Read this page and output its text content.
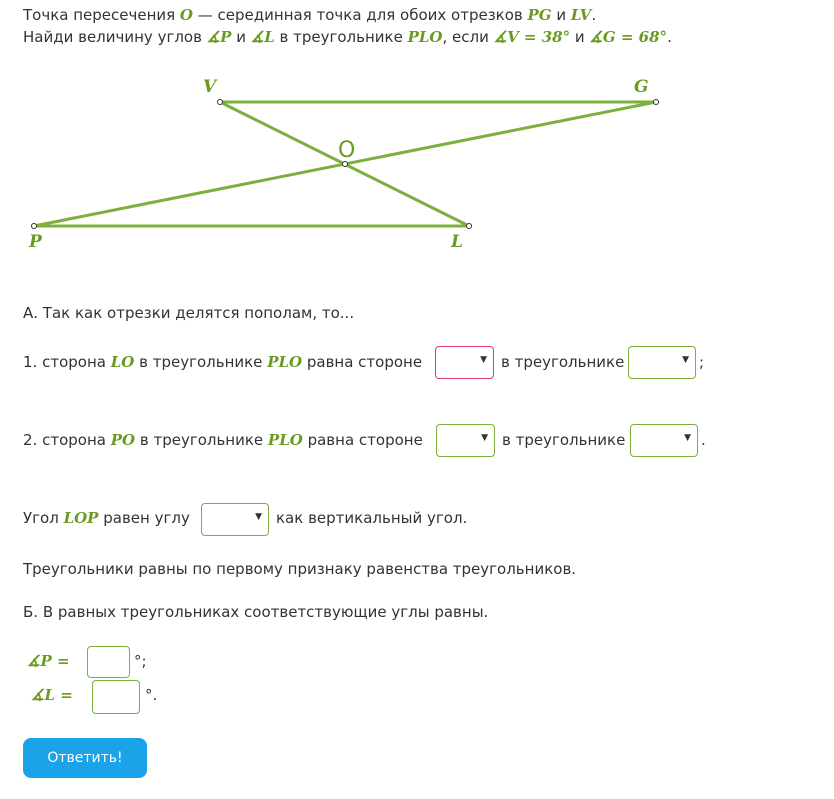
Точка пересечения O — серединная точка для обоих отрезков PG и LV.
Найди величину углов ∡P и ∡L в треугольнике PLO, если ∡V = 38° и ∡G = 68°.
V	G
O
P	L
А. Так как отрезки делятся пополам, то...
1. сторона LO в треугольнике PLO равна стороне	▼ в треугольнике	▼ ;
2. сторона PO в треугольнике PLO равна стороне	▼ в треугольнике	▼ .
Угол LOP равен углу	▼ как вертикальный угол.
Треугольники равны по первому признаку равенства треугольников.
Б. В равных треугольниках соответствующие углы равны.
∡P =	°;
∡L =	°.
Ответить!
